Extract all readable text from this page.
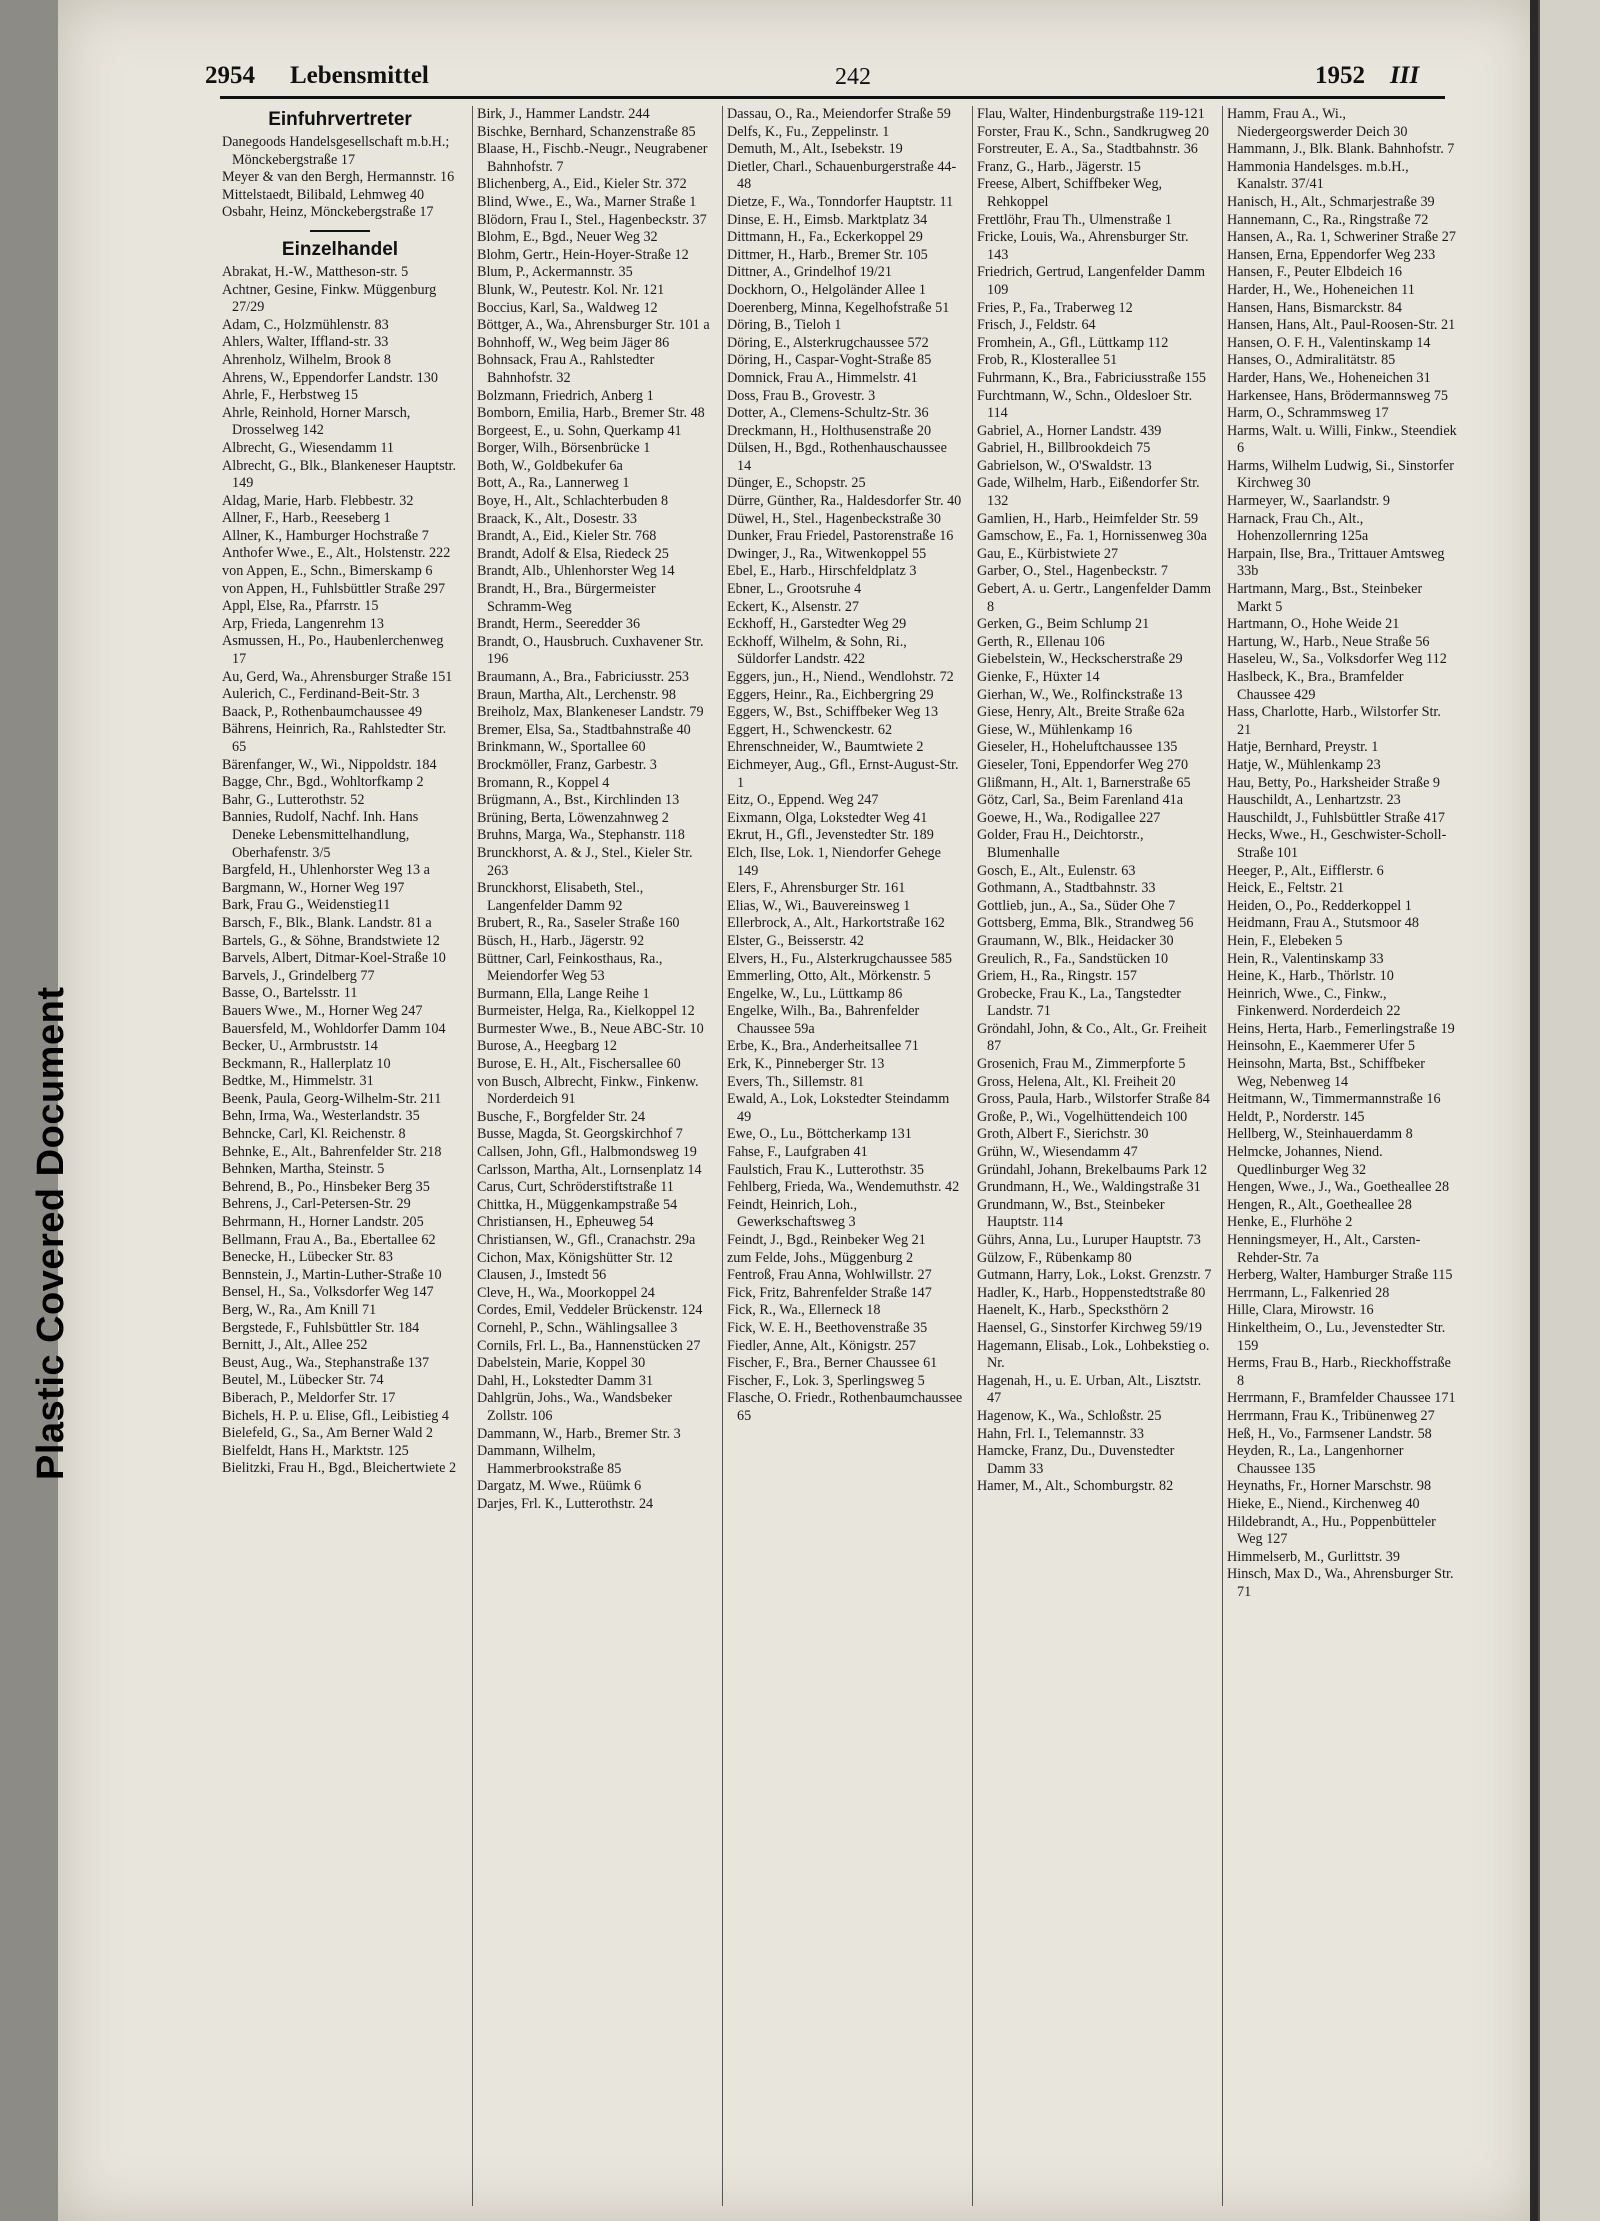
Plastic Covered Document
2954 Lebensmittel	242	1952 III
Einfuhrvertreter
Danegoods Handelsgesellschaft m.b.H.; Mönckebergstraße 17
Meyer & van den Bergh, Hermannstr. 16
Mittelstaedt, Bilibald, Lehmweg 40
Osbahr, Heinz, Mönckebergstraße 17
Einzelhandel
Abrakat, H.-W., Mattheson-str. 5
Achtner, Gesine, Finkw. Müggenburg 27/29
Adam, C., Holzmühlenstr. 83
Ahlers, Walter, Iffland-str. 33
Ahrenholz, Wilhelm, Brook 8
Ahrens, W., Eppendorfer Landstr. 130
Ahrle, F., Herbstweg 15
Ahrle, Reinhold, Horner Marsch, Drosselweg 142
Albrecht, G., Wiesendamm 11
Albrecht, G., Blk., Blankeneser Hauptstr. 149
Aldag, Marie, Harb. Flebbestr. 32
Allner, F., Harb., Reeseberg 1
Allner, K., Hamburger Hochstraße 7
Anthofer Wwe., E., Alt., Holstenstr. 222
von Appen, E., Schn., Bimerskamp 6
von Appen, H., Fuhlsbüttler Straße 297
Appl, Else, Ra., Pfarrstr. 15
Arp, Frieda, Langenrehm 13
Asmussen, H., Po., Haubenlerchenweg 17
Au, Gerd, Wa., Ahrensburger Straße 151
Aulerich, C., Ferdinand-Beit-Str. 3
Baack, P., Rothenbaumchaussee 49
Bährens, Heinrich, Ra., Rahlstedter Str. 65
Bärenfanger, W., Wi., Nippoldstr. 184
Bagge, Chr., Bgd., Wohltorfkamp 2
Bahr, G., Lutterothstr. 52
Bannies, Rudolf, Nachf. Inh. Hans Deneke Lebensmittelhandlung, Oberhafenstr. 3/5
Bargfeld, H., Uhlenhorster Weg 13 a
Bargmann, W., Horner Weg 197
Bark, Frau G., Weidenstieg11
Barsch, F., Blk., Blank. Landstr. 81 a
Bartels, G., & Söhne, Brandstwiete 12
Barvels, Albert, Ditmar-Koel-Straße 10
Barvels, J., Grindelberg 77
Basse, O., Bartelsstr. 11
Bauers Wwe., M., Horner Weg 247
Bauersfeld, M., Wohldorfer Damm 104
Becker, U., Armbruststr. 14
Beckmann, R., Hallerplatz 10
Bedtke, M., Himmelstr. 31
Beenk, Paula, Georg-Wilhelm-Str. 211
Behn, Irma, Wa., Westerlandstr. 35
Behncke, Carl, Kl. Reichenstr. 8
Behnke, E., Alt., Bahrenfelder Str. 218
Behnken, Martha, Steinstr. 5
Behrend, B., Po., Hinsbeker Berg 35
Behrens, J., Carl-Petersen-Str. 29
Behrmann, H., Horner Landstr. 205
Bellmann, Frau A., Ba., Ebertallee 62
Benecke, H., Lübecker Str. 83
Bennstein, J., Martin-Luther-Straße 10
Bensel, H., Sa., Volksdorfer Weg 147
Berg, W., Ra., Am Knill 71
Bergstede, F., Fuhlsbüttler Str. 184
Bernitt, J., Alt., Allee 252
Beust, Aug., Wa., Stephanstraße 137
Beutel, M., Lübecker Str. 74
Biberach, P., Meldorfer Str. 17
Bichels, H. P. u. Elise, Gfl., Leibistieg 4
Bielefeld, G., Sa., Am Berner Wald 2
Bielfeldt, Hans H., Marktstr. 125
Bielitzki, Frau H., Bgd., Bleichertwiete 2
Birk, J., Hammer Landstr. 244
Bischke, Bernhard, Schanzenstraße 85
Blaase, H., Fischb.-Neugr., Neugrabener Bahnhofstr. 7
Blichenberg, A., Eid., Kieler Str. 372
Blind, Wwe., E., Wa., Marner Straße 1
Blödorn, Frau I., Stel., Hagenbeckstr. 37
Blohm, E., Bgd., Neuer Weg 32
Blohm, Gertr., Hein-Hoyer-Straße 12
Blum, P., Ackermannstr. 35
Blunk, W., Peutestr. Kol. Nr. 121
Boccius, Karl, Sa., Waldweg 12
Böttger, A., Wa., Ahrensburger Str. 101 a
Bohnhoff, W., Weg beim Jäger 86
Bohnsack, Frau A., Rahlstedter Bahnhofstr. 32
Bolzmann, Friedrich, Anberg 1
Bomborn, Emilia, Harb., Bremer Str. 48
Borgeest, E., u. Sohn, Querkamp 41
Borger, Wilh., Börsenbrücke 1
Both, W., Goldbekufer 6a
Bott, A., Ra., Lannerweg 1
Boye, H., Alt., Schlachterbuden 8
Braack, K., Alt., Dosestr. 33
Brandt, A., Eid., Kieler Str. 768
Brandt, Adolf & Elsa, Riedeck 25
Brandt, Alb., Uhlenhorster Weg 14
Brandt, H., Bra., Bürgermeister Schramm-Weg
Brandt, Herm., Seeredder 36
Brandt, O., Hausbruch. Cuxhavener Str. 196
Braumann, A., Bra., Fabriciusstr. 253
Braun, Martha, Alt., Lerchenstr. 98
Breiholz, Max, Blankeneser Landstr. 79
Bremer, Elsa, Sa., Stadtbahnstraße 40
Brinkmann, W., Sportallee 60
Brockmöller, Franz, Garbestr. 3
Bromann, R., Koppel 4
Brügmann, A., Bst., Kirchlinden 13
Brüning, Berta, Löwenzahnweg 2
Bruhns, Marga, Wa., Stephanstr. 118
Brunckhorst, A. & J., Stel., Kieler Str. 263
Brunckhorst, Elisabeth, Stel., Langenfelder Damm 92
Brubert, R., Ra., Saseler Straße 160
Büsch, H., Harb., Jägerstr. 92
Büttner, Carl, Feinkosthaus, Ra., Meiendorfer Weg 53
Burmann, Ella, Lange Reihe 1
Burmeister, Helga, Ra., Kielkoppel 12
Burmester Wwe., B., Neue ABC-Str. 10
Burose, A., Heegbarg 12
Burose, E. H., Alt., Fischersallee 60
von Busch, Albrecht, Finkw., Finkenw. Norderdeich 91
Busche, F., Borgfelder Str. 24
Busse, Magda, St. Georgskirchhof 7
Callsen, John, Gfl., Halbmondsweg 19
Carlsson, Martha, Alt., Lornsenplatz 14
Carus, Curt, Schröderstiftstraße 11
Chittka, H., Müggenkampstraße 54
Christiansen, H., Epheuweg 54
Christiansen, W., Gfl., Cranachstr. 29a
Cichon, Max, Königshütter Str. 12
Clausen, J., Imstedt 56
Cleve, H., Wa., Moorkoppel 24
Cordes, Emil, Veddeler Brückenstr. 124
Cornehl, P., Schn., Wählingsallee 3
Cornils, Frl. L., Ba., Hannenstücken 27
Dabelstein, Marie, Koppel 30
Dahl, H., Lokstedter Damm 31
Dahlgrün, Johs., Wa., Wandsbeker Zollstr. 106
Dammann, W., Harb., Bremer Str. 3
Dammann, Wilhelm, Hammerbrookstraße 85
Dargatz, M. Wwe., Rüümk 6
Darjes, Frl. K., Lutterothstr. 24
Dassau, O., Ra., Meiendorfer Straße 59
Delfs, K., Fu., Zeppelinstr. 1
Demuth, M., Alt., Isebekstr. 19
Dietler, Charl., Schauenburgerstraße 44-48
Dietze, F., Wa., Tonndorfer Hauptstr. 11
Dinse, E. H., Eimsb. Marktplatz 34
Dittmann, H., Fa., Eckerkoppel 29
Dittmer, H., Harb., Bremer Str. 105
Dittner, A., Grindelhof 19/21
Dockhorn, O., Helgoländer Allee 1
Doerenberg, Minna, Kegelhofstraße 51
Döring, B., Tieloh 1
Döring, E., Alsterkrugchaussee 572
Döring, H., Caspar-Voght-Straße 85
Domnick, Frau A., Himmelstr. 41
Doss, Frau B., Grovestr. 3
Dotter, A., Clemens-Schultz-Str. 36
Dreckmann, H., Holthusenstraße 20
Dülsen, H., Bgd., Rothenhauschaussee 14
Dünger, E., Schopstr. 25
Dürre, Günther, Ra., Haldesdorfer Str. 40
Düwel, H., Stel., Hagenbeckstraße 30
Dunker, Frau Friedel, Pastorenstraße 16
Dwinger, J., Ra., Witwenkoppel 55
Ebel, E., Harb., Hirschfeldplatz 3
Ebner, L., Grootsruhe 4
Eckert, K., Alsenstr. 27
Eckhoff, H., Garstedter Weg 29
Eckhoff, Wilhelm, & Sohn, Ri., Süldorfer Landstr. 422
Eggers, jun., H., Niend., Wendlohstr. 72
Eggers, Heinr., Ra., Eichbergring 29
Eggers, W., Bst., Schiffbeker Weg 13
Eggert, H., Schwenckestr. 62
Ehrenschneider, W., Baumtwiete 2
Eichmeyer, Aug., Gfl., Ernst-August-Str. 1
Eitz, O., Eppend. Weg 247
Eixmann, Olga, Lokstedter Weg 41
Ekrut, H., Gfl., Jevenstedter Str. 189
Elch, Ilse, Lok. 1, Niendorfer Gehege 149
Elers, F., Ahrensburger Str. 161
Elias, W., Wi., Bauvereinsweg 1
Ellerbrock, A., Alt., Harkortstraße 162
Elster, G., Beisserstr. 42
Elvers, H., Fu., Alsterkrugchaussee 585
Emmerling, Otto, Alt., Mörkenstr. 5
Engelke, W., Lu., Lüttkamp 86
Engelke, Wilh., Ba., Bahrenfelder Chaussee 59a
Erbe, K., Bra., Anderheitsallee 71
Erk, K., Pinneberger Str. 13
Evers, Th., Sillemstr. 81
Ewald, A., Lok, Lokstedter Steindamm 49
Ewe, O., Lu., Böttcherkamp 131
Fahse, F., Laufgraben 41
Faulstich, Frau K., Lutterothstr. 35
Fehlberg, Frieda, Wa., Wendemuthstr. 42
Feindt, Heinrich, Loh., Gewerkschaftsweg 3
Feindt, J., Bgd., Reinbeker Weg 21
zum Felde, Johs., Müggenburg 2
Fentroß, Frau Anna, Wohlwillstr. 27
Fick, Fritz, Bahrenfelder Straße 147
Fick, R., Wa., Ellerneck 18
Fick, W. E. H., Beethovenstraße 35
Fiedler, Anne, Alt., Königstr. 257
Fischer, F., Bra., Berner Chaussee 61
Fischer, F., Lok. 3, Sperlingsweg 5
Flasche, O. Friedr., Rothenbaumchaussee 65
Flau, Walter, Hindenburgstraße 119-121
Forster, Frau K., Schn., Sandkrugweg 20
Forstreuter, E. A., Sa., Stadtbahnstr. 36
Franz, G., Harb., Jägerstr. 15
Freese, Albert, Schiffbeker Weg, Rehkoppel
Frettlöhr, Frau Th., Ulmenstraße 1
Fricke, Louis, Wa., Ahrensburger Str. 143
Friedrich, Gertrud, Langenfelder Damm 109
Fries, P., Fa., Traberweg 12
Frisch, J., Feldstr. 64
Fromhein, A., Gfl., Lüttkamp 112
Frob, R., Klosterallee 51
Fuhrmann, K., Bra., Fabriciusstraße 155
Furchtmann, W., Schn., Oldesloer Str. 114
Gabriel, A., Horner Landstr. 439
Gabriel, H., Billbrookdeich 75
Gabrielson, W., O'Swaldstr. 13
Gade, Wilhelm, Harb., Eißendorfer Str. 132
Gamlien, H., Harb., Heimfelder Str. 59
Gamschow, E., Fa. 1, Hornissenweg 30a
Gau, E., Kürbistwiete 27
Garber, O., Stel., Hagenbeckstr. 7
Gebert, A. u. Gertr., Langenfelder Damm 8
Gerken, G., Beim Schlump 21
Gerth, R., Ellenau 106
Giebelstein, W., Heckscherstraße 29
Gienke, F., Hüxter 14
Gierhan, W., We., Rolfinckstraße 13
Giese, Henry, Alt., Breite Straße 62a
Giese, W., Mühlenkamp 16
Gieseler, H., Hoheluftchaussee 135
Gieseler, Toni, Eppendorfer Weg 270
Glißmann, H., Alt. 1, Barnerstraße 65
Götz, Carl, Sa., Beim Farenland 41a
Goewe, H., Wa., Rodigallee 227
Golder, Frau H., Deichtorstr., Blumenhalle
Gosch, E., Alt., Eulenstr. 63
Gothmann, A., Stadtbahnstr. 33
Gottlieb, jun., A., Sa., Süder Ohe 7
Gottsberg, Emma, Blk., Strandweg 56
Graumann, W., Blk., Heidacker 30
Greulich, R., Fa., Sandstücken 10
Griem, H., Ra., Ringstr. 157
Grobecke, Frau K., La., Tangstedter Landstr. 71
Gröndahl, John, & Co., Alt., Gr. Freiheit 87
Grosenich, Frau M., Zimmerpforte 5
Gross, Helena, Alt., Kl. Freiheit 20
Gross, Paula, Harb., Wilstorfer Straße 84
Große, P., Wi., Vogelhüttendeich 100
Groth, Albert F., Sierichstr. 30
Grühn, W., Wiesendamm 47
Gründahl, Johann, Brekelbaums Park 12
Grundmann, H., We., Waldingstraße 31
Grundmann, W., Bst., Steinbeker Hauptstr. 114
Gührs, Anna, Lu., Luruper Hauptstr. 73
Gülzow, F., Rübenkamp 80
Gutmann, Harry, Lok., Lokst. Grenzstr. 7
Hadler, K., Harb., Hoppenstedtstraße 80
Haenelt, K., Harb., Specksthörn 2
Haensel, G., Sinstorfer Kirchweg 59/19
Hagemann, Elisab., Lok., Lohbekstieg o. Nr.
Hagenah, H., u. E. Urban, Alt., Lisztstr. 47
Hagenow, K., Wa., Schloßstr. 25
Hahn, Frl. I., Telemannstr. 33
Hamcke, Franz, Du., Duvenstedter Damm 33
Hamer, M., Alt., Schomburgstr. 82
Hamm, Frau A., Wi., Niedergeorgswerder Deich 30
Hammann, J., Blk. Blank. Bahnhofstr. 7
Hammonia Handelsges. m.b.H., Kanalstr. 37/41
Hanisch, H., Alt., Schmarjestraße 39
Hannemann, C., Ra., Ringstraße 72
Hansen, A., Ra. 1, Schweriner Straße 27
Hansen, Erna, Eppendorfer Weg 233
Hansen, F., Peuter Elbdeich 16
Harder, H., We., Hoheneichen 11
Hansen, Hans, Bismarckstr. 84
Hansen, Hans, Alt., Paul-Roosen-Str. 21
Hansen, O. F. H., Valentinskamp 14
Hanses, O., Admiralitätstr. 85
Harder, Hans, We., Hoheneichen 31
Harkensee, Hans, Brödermannsweg 75
Harm, O., Schrammsweg 17
Harms, Walt. u. Willi, Finkw., Steendiek 6
Harms, Wilhelm Ludwig, Si., Sinstorfer Kirchweg 30
Harmeyer, W., Saarlandstr. 9
Harnack, Frau Ch., Alt., Hohenzollernring 125a
Harpain, Ilse, Bra., Trittauer Amtsweg 33b
Hartmann, Marg., Bst., Steinbeker Markt 5
Hartmann, O., Hohe Weide 21
Hartung, W., Harb., Neue Straße 56
Haseleu, W., Sa., Volksdorfer Weg 112
Haslbeck, K., Bra., Bramfelder Chaussee 429
Hass, Charlotte, Harb., Wilstorfer Str. 21
Hatje, Bernhard, Preystr. 1
Hatje, W., Mühlenkamp 23
Hau, Betty, Po., Harksheider Straße 9
Hauschildt, A., Lenhartzstr. 23
Hauschildt, J., Fuhlsbüttler Straße 417
Hecks, Wwe., H., Geschwister-Scholl-Straße 101
Heeger, P., Alt., Eifflerstr. 6
Heick, E., Feltstr. 21
Heiden, O., Po., Redderkoppel 1
Heidmann, Frau A., Stutsmoor 48
Hein, F., Elebeken 5
Hein, R., Valentinskamp 33
Heine, K., Harb., Thörlstr. 10
Heinrich, Wwe., C., Finkw., Finkenwerd. Norderdeich 22
Heins, Herta, Harb., Femerlingstraße 19
Heinsohn, E., Kaemmerer Ufer 5
Heinsohn, Marta, Bst., Schiffbeker Weg, Nebenweg 14
Heitmann, W., Timmermannstraße 16
Heldt, P., Norderstr. 145
Hellberg, W., Steinhauerdamm 8
Helmcke, Johannes, Niend. Quedlinburger Weg 32
Hengen, Wwe., J., Wa., Goetheallee 28
Hengen, R., Alt., Goetheallee 28
Henke, E., Flurhöhe 2
Henningsmeyer, H., Alt., Carsten-Rehder-Str. 7a
Herberg, Walter, Hamburger Straße 115
Herrmann, L., Falkenried 28
Hille, Clara, Mirowstr. 16
Hinkeltheim, O., Lu., Jevenstedter Str. 159
Herms, Frau B., Harb., Rieckhoffstraße 8
Herrmann, F., Bramfelder Chaussee 171
Herrmann, Frau K., Tribünenweg 27
Heß, H., Vo., Farmsener Landstr. 58
Heyden, R., La., Langenhorner Chaussee 135
Heynaths, Fr., Horner Marschstr. 98
Hieke, E., Niend., Kirchenweg 40
Hildebrandt, A., Hu., Poppenbütteler Weg 127
Himmelserb, M., Gurlittstr. 39
Hinsch, Max D., Wa., Ahrensburger Str. 71
